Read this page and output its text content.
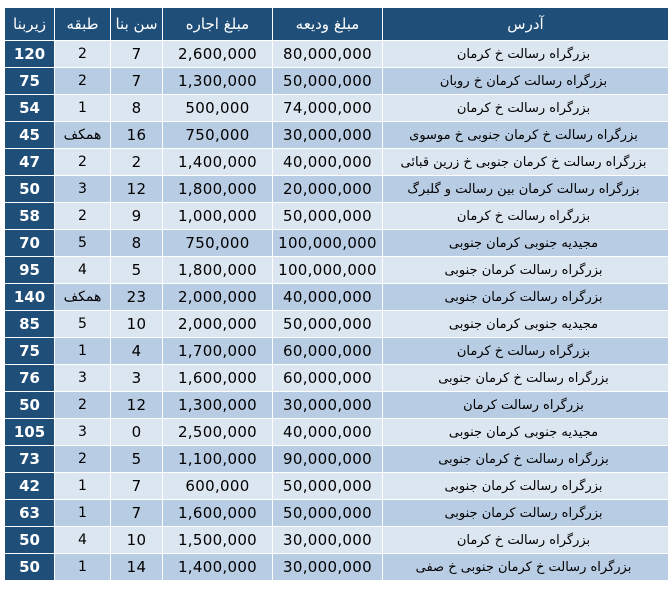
زیربنا	طبقه	سن بنا	مبلغ اجاره	مبلغ ودیعه	آدرس
120	2	7	2,600,000	80,000,000	بزرگراه رسالت خ کرمان
75	2	7	1,300,000	50,000,000	بزرگراه رسالت کرمان خ روبان
54	1	8	500,000	74,000,000	بزرگراه رسالت خ کرمان
45	همکف	16	750,000	30,000,000	بزرگراه رسالت خ کرمان جنوبی خ موسوی
47	2	2	1,400,000	40,000,000	بزرگراه رسالت خ کرمان جنوبی خ زرین قبائی
50	3	12	1,800,000	20,000,000	بزرگراه رسالت کرمان بین رسالت و گلبرگ
58	2	9	1,000,000	50,000,000	بزرگراه رسالت خ کرمان
70	5	8	750,000	100,000,000	مجیدیه جنوبی کرمان جنوبی
95	4	5	1,800,000	100,000,000	بزرگراه رسالت کرمان جنوبی
140	همکف	23	2,000,000	40,000,000	بزرگراه رسالت کرمان جنوبی
85	5	10	2,000,000	50,000,000	مجیدیه جنوبی کرمان جنوبی
75	1	4	1,700,000	60,000,000	بزرگراه رسالت خ کرمان
76	3	3	1,600,000	60,000,000	بزرگراه رسالت خ کرمان جنوبی
50	2	12	1,300,000	30,000,000	بزرگراه رسالت کرمان
105	3	0	2,500,000	40,000,000	مجیدیه جنوبی کرمان جنوبی
73	2	5	1,100,000	90,000,000	بزرگراه رسالت خ کرمان جنوبی
42	1	7	600,000	50,000,000	بزرگراه رسالت کرمان جنوبی
63	1	7	1,600,000	50,000,000	بزرگراه رسالت کرمان جنوبی
50	4	10	1,500,000	30,000,000	بزرگراه رسالت خ کرمان
50	1	14	1,400,000	30,000,000	بزرگراه رسالت خ کرمان جنوبی خ صفی
